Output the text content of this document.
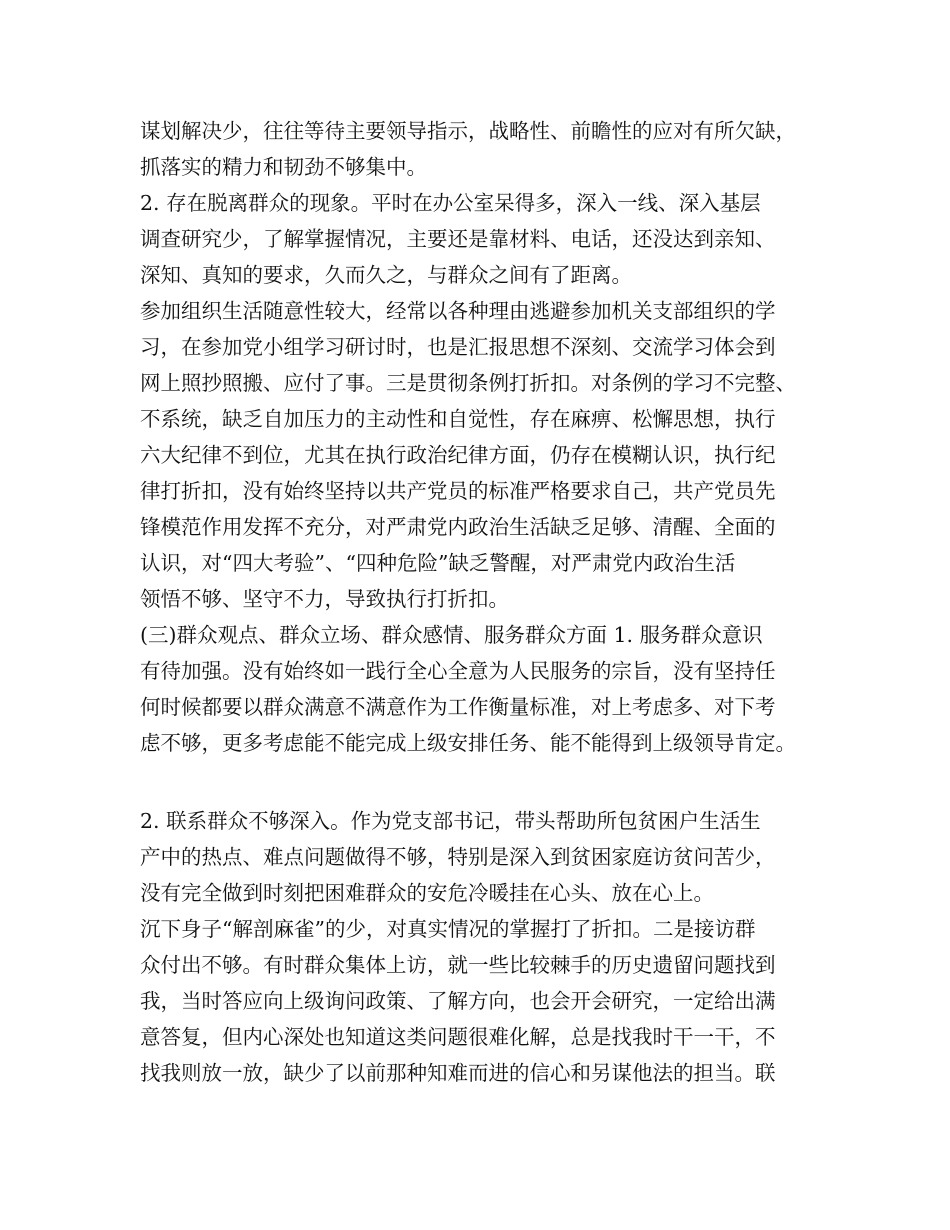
谋划解决少，往往等待主要领导指示，战略性、前瞻性的应对有所欠缺，
抓落实的精力和韧劲不够集中。
2. 存在脱离群众的现象。平时在办公室呆得多，深入一线、深入基层
调查研究少，了解掌握情况，主要还是靠材料、电话，还没达到亲知、
深知、真知的要求，久而久之，与群众之间有了距离。
参加组织生活随意性较大，经常以各种理由逃避参加机关支部组织的学
习，在参加党小组学习研讨时，也是汇报思想不深刻、交流学习体会到
网上照抄照搬、应付了事。三是贯彻条例打折扣。对条例的学习不完整、
不系统，缺乏自加压力的主动性和自觉性，存在麻痹、松懈思想，执行
六大纪律不到位，尤其在执行政治纪律方面，仍存在模糊认识，执行纪
律打折扣，没有始终坚持以共产党员的标准严格要求自己，共产党员先
锋模范作用发挥不充分，对严肃党内政治生活缺乏足够、清醒、全面的
认识，对“四大考验”、“四种危险”缺乏警醒，对严肃党内政治生活
领悟不够、坚守不力，导致执行打折扣。
(三)群众观点、群众立场、群众感情、服务群众方面 1. 服务群众意识
有待加强。没有始终如一践行全心全意为人民服务的宗旨，没有坚持任
何时候都要以群众满意不满意作为工作衡量标准，对上考虑多、对下考
虑不够，更多考虑能不能完成上级安排任务、能不能得到上级领导肯定。
2. 联系群众不够深入。作为党支部书记，带头帮助所包贫困户生活生
产中的热点、难点问题做得不够，特别是深入到贫困家庭访贫问苦少，
没有完全做到时刻把困难群众的安危冷暖挂在心头、放在心上。
沉下身子“解剖麻雀”的少，对真实情况的掌握打了折扣。二是接访群
众付出不够。有时群众集体上访，就一些比较棘手的历史遗留问题找到
我，当时答应向上级询问政策、了解方向，也会开会研究，一定给出满
意答复，但内心深处也知道这类问题很难化解，总是找我时干一干，不
找我则放一放，缺少了以前那种知难而进的信心和另谋他法的担当。联
